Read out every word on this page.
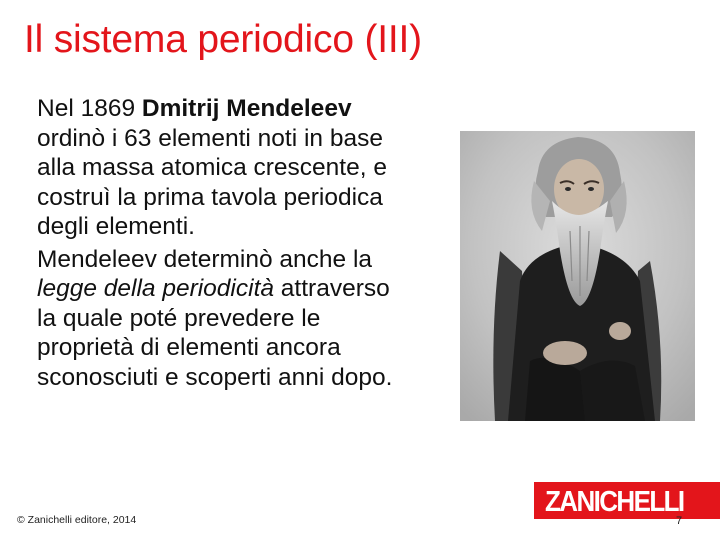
Il sistema periodico (III)

Nel 1869 Dmitrij Mendeleev
ordinò i 63 elementi noti in base
alla massa atomica crescente, e
costruì la prima tavola periodica
degli elementi.

Mendeleev determinò anche la
legge della periodicità attraverso
la quale poté prevedere le
proprietà di elementi ancora
sconosciuti e scoperti anni dopo.

© Zanichelli editore, 2014
ZANICHELLI
7
